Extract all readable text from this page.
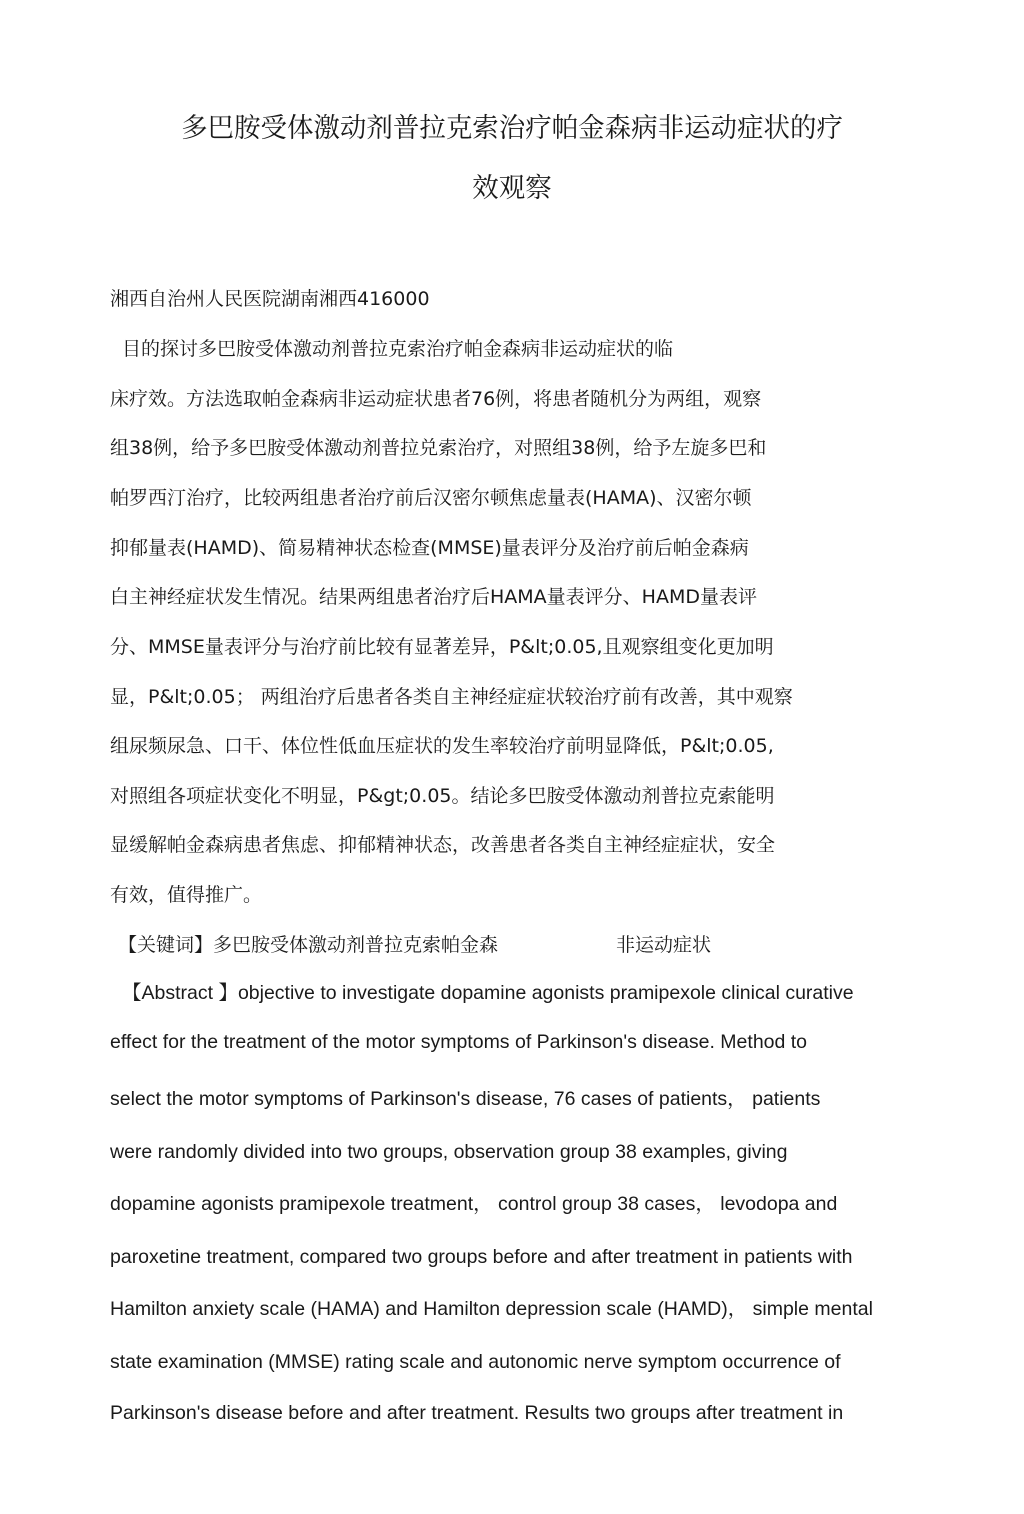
多巴胺受体激动剂普拉克索治疗帕金森病非运动症状的疗
效观察
湘西自治州人民医院湖南湘西416000
目的探讨多巴胺受体激动剂普拉克索治疗帕金森病非运动症状的临
床疗效。方法选取帕金森病非运动症状患者76例，将患者随机分为两组，观察
组38例，给予多巴胺受体激动剂普拉兑索治疗，对照组38例，给予左旋多巴和
帕罗西汀治疗，比较两组患者治疗前后汉密尔顿焦虑量表(HAMA)、汉密尔顿
抑郁量表(HAMD)、简易精神状态检查(MMSE)量表评分及治疗前后帕金森病
白主神经症状发生情况。结果两组患者治疗后HAMA量表评分、HAMD量表评
分、MMSE量表评分与治疗前比较有显著差异，P&lt;0.05,且观察组变化更加明
显，P&lt;0.05； 两组治疗后患者各类自主神经症症状较治疗前有改善，其中观察
组尿频尿急、口干、体位性低血压症状的发生率较治疗前明显降低，P&lt;0.05,
对照组各项症状变化不明显，P&gt;0.05。结论多巴胺受体激动剂普拉克索能明
显缓解帕金森病患者焦虑、抑郁精神状态，改善患者各类自主神经症症状，安全
有效，值得推广。
【关键词】多巴胺受体激动剂普拉克索帕金森	非运动症状
【Abstract 】objective to investigate dopamine agonists pramipexole clinical curative
effect for the treatment of the motor symptoms of Parkinson's disease. Method to
select the motor symptoms of Parkinson's disease, 76 cases of patients， patients
were randomly divided into two groups, observation group 38 examples, giving
dopamine agonists pramipexole treatment， control group 38 cases， levodopa and
paroxetine treatment, compared two groups before and after treatment in patients with
Hamilton anxiety scale (HAMA) and Hamilton depression scale (HAMD)， simple mental
state examination (MMSE) rating scale and autonomic nerve symptom occurrence of
Parkinson's disease before and after treatment. Results two groups after treatment in
